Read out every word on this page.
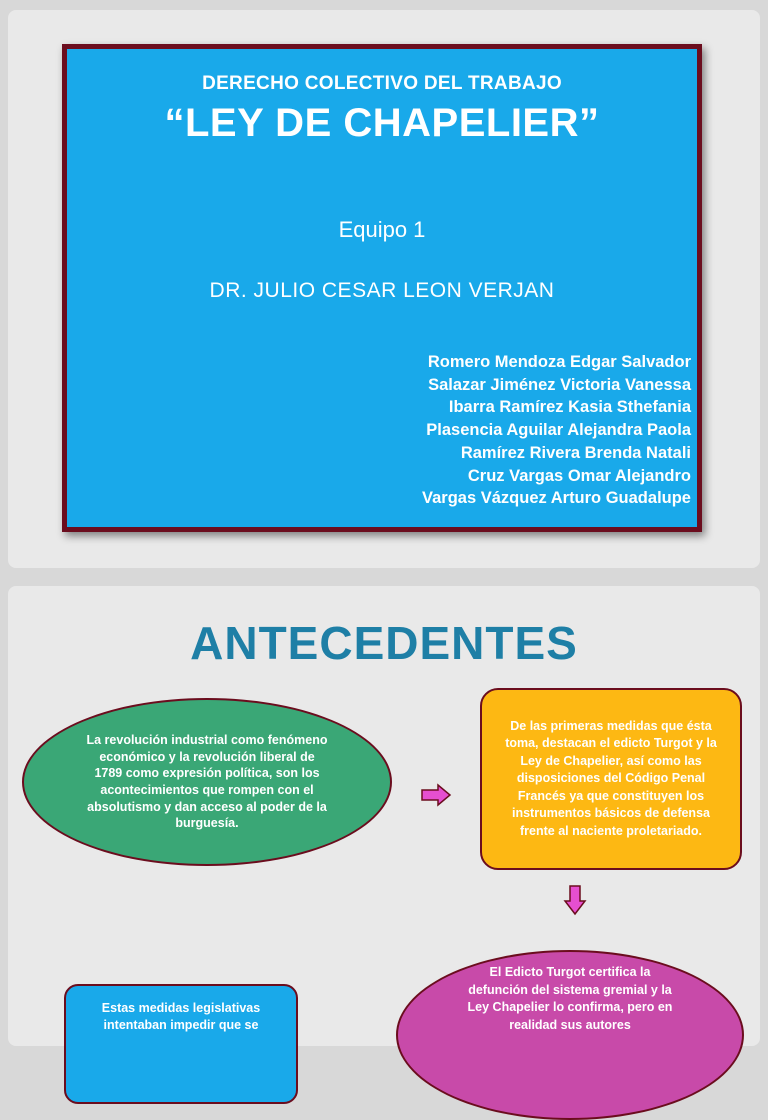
DERECHO COLECTIVO DEL TRABAJO
“LEY DE CHAPELIER”
Equipo 1
DR. JULIO CESAR LEON VERJAN
Romero Mendoza Edgar Salvador
Salazar Jiménez Victoria Vanessa
Ibarra Ramírez Kasia Sthefania
Plasencia Aguilar Alejandra Paola
Ramírez Rivera Brenda Natali
Cruz Vargas Omar Alejandro
Vargas Vázquez Arturo Guadalupe
ANTECEDENTES
La revolución industrial como fenómeno económico y la revolución liberal de 1789 como expresión política, son los acontecimientos que rompen con el absolutismo y dan acceso al poder de la burguesía.
De las primeras medidas que ésta toma, destacan el edicto Turgot y la Ley de Chapelier, así como las disposiciones del Código Penal Francés ya que constituyen los instrumentos básicos de defensa frente al naciente proletariado.
El Edicto Turgot certifica la defunción del sistema gremial y la Ley Chapelier lo confirma, pero en realidad sus autores
Estas medidas legislativas intentaban impedir que se
